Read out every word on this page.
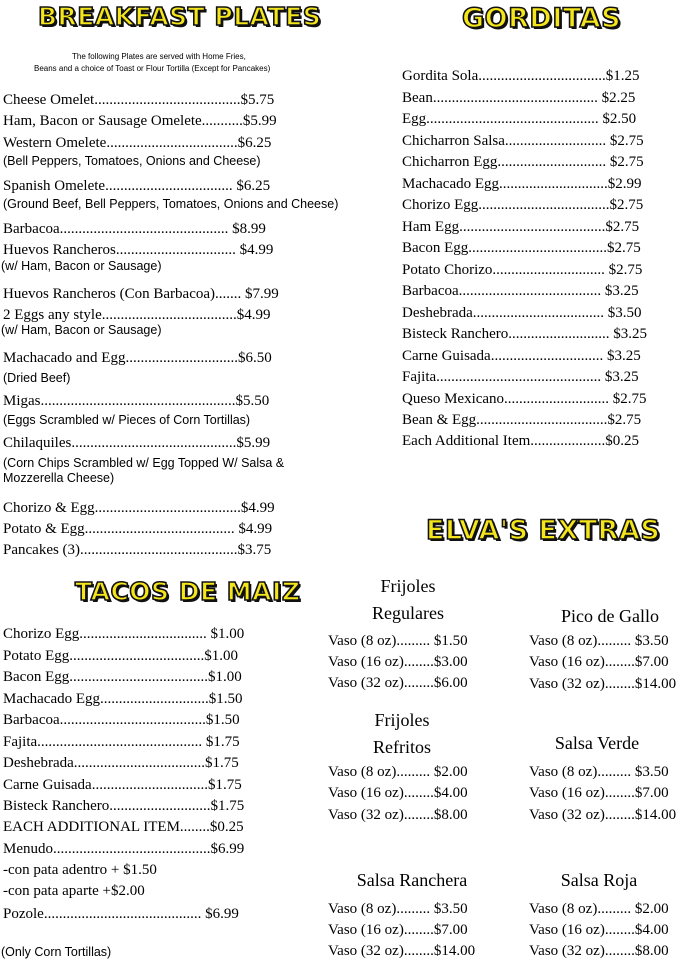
BREAKFAST PLATES
The following Plates are served with Home Fries,
Beans and a choice of Toast or Flour Tortilla (Except for Pancakes)
Cheese Omelet.......................................$5.75
Ham, Bacon or Sausage Omelete...........$5.99
Western Omelete...................................$6.25
(Bell Peppers, Tomatoes, Onions and Cheese)
Spanish Omelete.................................. $6.25
(Ground Beef, Bell Peppers, Tomatoes, Onions and Cheese)
Barbacoa............................................. $8.99
Huevos Rancheros................................ $4.99
(w/ Ham, Bacon or Sausage)
Huevos Rancheros (Con Barbacoa)....... $7.99
2 Eggs any style....................................$4.99
(w/ Ham, Bacon or Sausage)
Machacado and Egg..............................$6.50
(Dried Beef)
Migas....................................................$5.50
(Eggs Scrambled w/ Pieces of Corn Tortillas)
Chilaquiles............................................$5.99
(Corn Chips Scrambled w/ Egg Topped W/ Salsa &
Mozzerella Cheese)
Chorizo & Egg.......................................$4.99
Potato & Egg........................................ $4.99
Pancakes (3)..........................................$3.75
TACOS DE MAIZ
Chorizo Egg.................................. $1.00
Potato Egg....................................$1.00
Bacon Egg.....................................$1.00
Machacado Egg.............................$1.50
Barbacoa.......................................$1.50
Fajita............................................ $1.75
Deshebrada...................................$1.75
Carne Guisada...............................$1.75
Bisteck Ranchero...........................$1.75
EACH ADDITIONAL ITEM........$0.25
Menudo..........................................$6.99
-con pata adentro + $1.50
-con pata aparte +$2.00
Pozole.......................................... $6.99
(Only Corn Tortillas)
GORDITAS
Gordita Sola..................................$1.25
Bean............................................ $2.25
Egg.............................................. $2.50
Chicharron Salsa........................... $2.75
Chicharron Egg............................. $2.75
Machacado Egg.............................$2.99
Chorizo Egg...................................$2.75
Ham Egg.......................................$2.75
Bacon Egg.....................................$2.75
Potato Chorizo.............................. $2.75
Barbacoa...................................... $3.25
Deshebrada................................... $3.50
Bisteck Ranchero........................... $3.25
Carne Guisada.............................. $3.25
Fajita............................................ $3.25
Queso Mexicano............................ $2.75
Bean & Egg...................................$2.75
Each Additional Item....................$0.25
ELVA'S EXTRAS
Frijoles
Regulares
Vaso (8 oz)......... $1.50
Vaso (16 oz)........$3.00
Vaso (32 oz)........$6.00
Pico de Gallo
Vaso (8 oz)......... $3.50
Vaso (16 oz)........$7.00
Vaso (32 oz)........$14.00
Frijoles
Refritos
Vaso (8 oz)......... $2.00
Vaso (16 oz)........$4.00
Vaso (32 oz)........$8.00
Salsa Verde
Vaso (8 oz)......... $3.50
Vaso (16 oz)........$7.00
Vaso (32 oz)........$14.00
Salsa Ranchera
Vaso (8 oz)......... $3.50
Vaso (16 oz)........$7.00
Vaso (32 oz)........$14.00
Salsa Roja
Vaso (8 oz)......... $2.00
Vaso (16 oz)........$4.00
Vaso (32 oz)........$8.00
